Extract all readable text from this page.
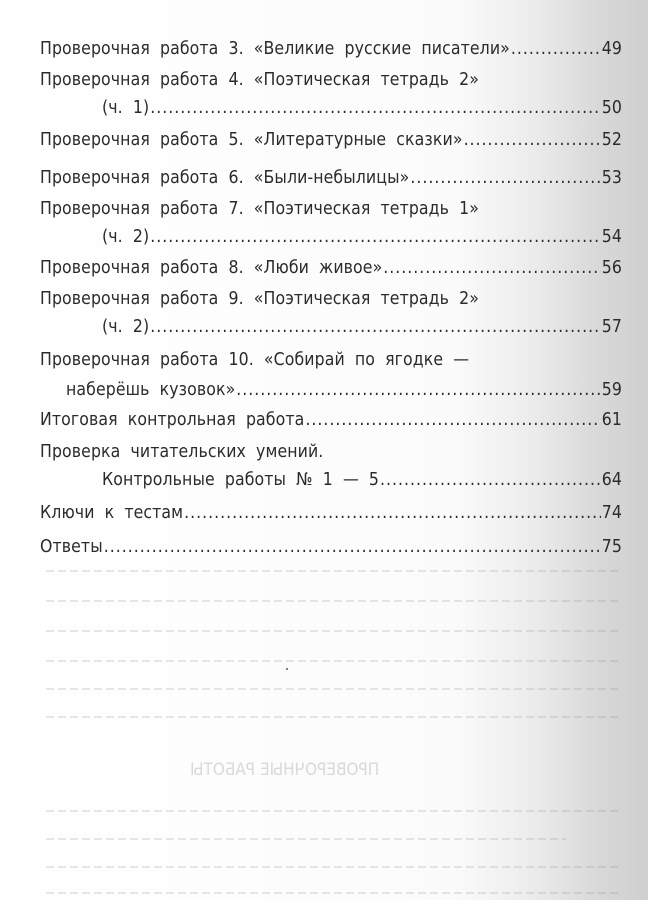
Проверочная работа 3. «Великие русские писатели» .....	49
Проверочная работа 4. «Поэтическая тетрадь 2»
(ч. 1) .....	50
Проверочная работа 5. «Литературные сказки» .....	52
Проверочная работа 6. «Были-небылицы» .....	53
Проверочная работа 7. «Поэтическая тетрадь 1»
(ч. 2) .....	54
Проверочная работа 8. «Люби живое» .....	56
Проверочная работа 9. «Поэтическая тетрадь 2»
(ч. 2) .....	57
Проверочная работа 10. «Собирай по ягодке —
наберёшь кузовок» .....	59
Итоговая контрольная работа .....	61
Проверка читательских умений.
Контрольные работы № 1 — 5 .....	64
Ключи к тестам .....	74
Ответы .....	75
ПРОВЕРОЧНЫЕ РАБОТЫ
